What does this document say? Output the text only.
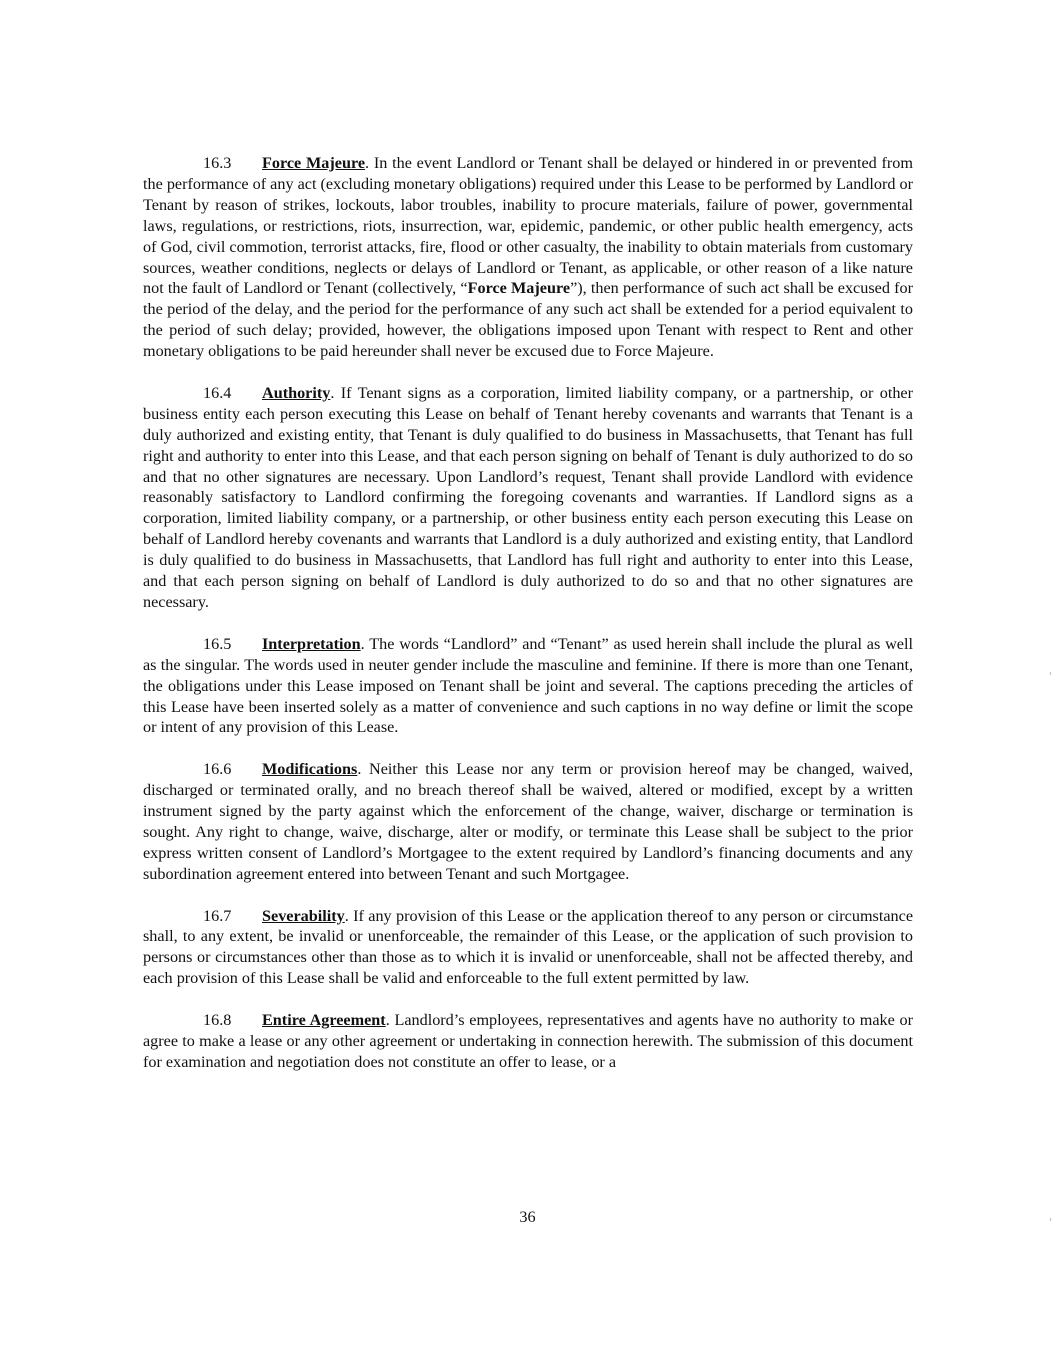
16.3 Force Majeure. In the event Landlord or Tenant shall be delayed or hindered in or prevented from the performance of any act (excluding monetary obligations) required under this Lease to be performed by Landlord or Tenant by reason of strikes, lockouts, labor troubles, inability to procure materials, failure of power, governmental laws, regulations, or restrictions, riots, insurrection, war, epidemic, pandemic, or other public health emergency, acts of God, civil commotion, terrorist attacks, fire, flood or other casualty, the inability to obtain materials from customary sources, weather conditions, neglects or delays of Landlord or Tenant, as applicable, or other reason of a like nature not the fault of Landlord or Tenant (collectively, “Force Majeure”), then performance of such act shall be excused for the period of the delay, and the period for the performance of any such act shall be extended for a period equivalent to the period of such delay; provided, however, the obligations imposed upon Tenant with respect to Rent and other monetary obligations to be paid hereunder shall never be excused due to Force Majeure.

16.4 Authority. If Tenant signs as a corporation, limited liability company, or a partnership, or other business entity each person executing this Lease on behalf of Tenant hereby covenants and warrants that Tenant is a duly authorized and existing entity, that Tenant is duly qualified to do business in Massachusetts, that Tenant has full right and authority to enter into this Lease, and that each person signing on behalf of Tenant is duly authorized to do so and that no other signatures are necessary. Upon Landlord’s request, Tenant shall provide Landlord with evidence reasonably satisfactory to Landlord confirming the foregoing covenants and warranties. If Landlord signs as a corporation, limited liability company, or a partnership, or other business entity each person executing this Lease on behalf of Landlord hereby covenants and warrants that Landlord is a duly authorized and existing entity, that Landlord is duly qualified to do business in Massachusetts, that Landlord has full right and authority to enter into this Lease, and that each person signing on behalf of Landlord is duly authorized to do so and that no other signatures are necessary.

16.5 Interpretation. The words “Landlord” and “Tenant” as used herein shall include the plural as well as the singular. The words used in neuter gender include the masculine and feminine. If there is more than one Tenant, the obligations under this Lease imposed on Tenant shall be joint and several. The captions preceding the articles of this Lease have been inserted solely as a matter of convenience and such captions in no way define or limit the scope or intent of any provision of this Lease.

16.6 Modifications. Neither this Lease nor any term or provision hereof may be changed, waived, discharged or terminated orally, and no breach thereof shall be waived, altered or modified, except by a written instrument signed by the party against which the enforcement of the change, waiver, discharge or termination is sought. Any right to change, waive, discharge, alter or modify, or terminate this Lease shall be subject to the prior express written consent of Landlord’s Mortgagee to the extent required by Landlord’s financing documents and any subordination agreement entered into between Tenant and such Mortgagee.

16.7 Severability. If any provision of this Lease or the application thereof to any person or circumstance shall, to any extent, be invalid or unenforceable, the remainder of this Lease, or the application of such provision to persons or circumstances other than those as to which it is invalid or unenforceable, shall not be affected thereby, and each provision of this Lease shall be valid and enforceable to the full extent permitted by law.

16.8 Entire Agreement. Landlord’s employees, representatives and agents have no authority to make or agree to make a lease or any other agreement or undertaking in connection herewith. The submission of this document for examination and negotiation does not constitute an offer to lease, or a

36
